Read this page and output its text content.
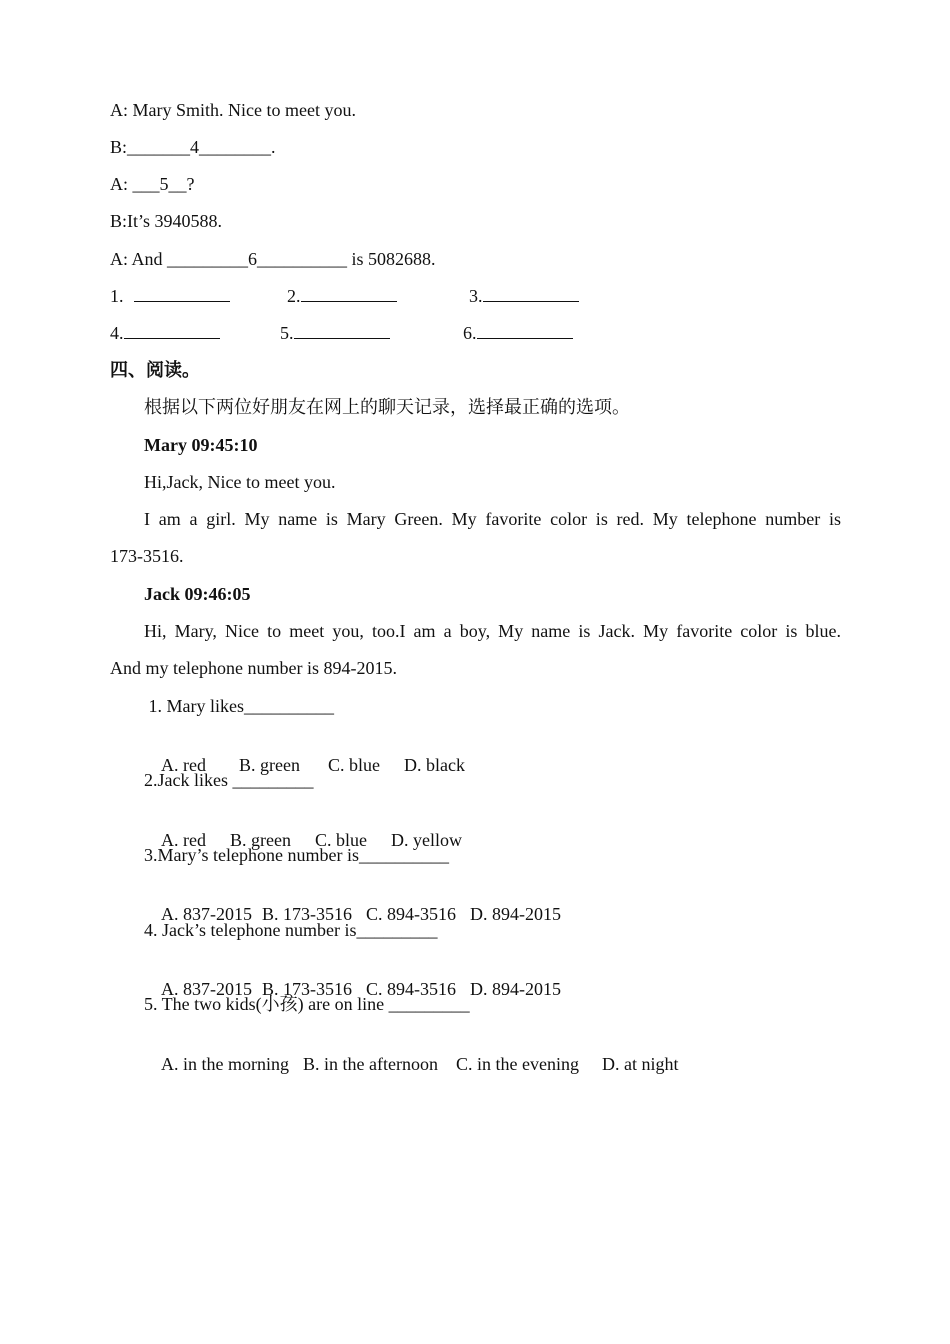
A: Mary Smith. Nice to meet you.
B:_______4________.
A: ___5__?
B:It’s 3940588.
A: And _________6__________ is 5082688.
1.	2.	3.
4.	5.	6.
四、阅读。
根据以下两位好朋友在网上的聊天记录，选择最正确的选项。
Mary 09:45:10
Hi,Jack, Nice to meet you.
I am a girl. My name is Mary Green. My favorite color is red. My telephone number is
173-3516.
Jack 09:46:05
Hi, Mary, Nice to meet you, too.I am a boy, My name is Jack. My favorite color is blue.
And my telephone number is 894-2015.
1. Mary likes__________

A. red B. green C. blue D. black

2.Jack likes _________

A. red B. green C. blue D. yellow

3.Mary’s telephone number is__________

A. 837-2015 B. 173-3516 C. 894-3516 D. 894-2015

4. Jack’s telephone number is_________

A. 837-2015 B. 173-3516 C. 894-3516 D. 894-2015

5. The two kids(小孩) are on line _________

A. in the morning B. in the afternoon C. in the evening D. at night
